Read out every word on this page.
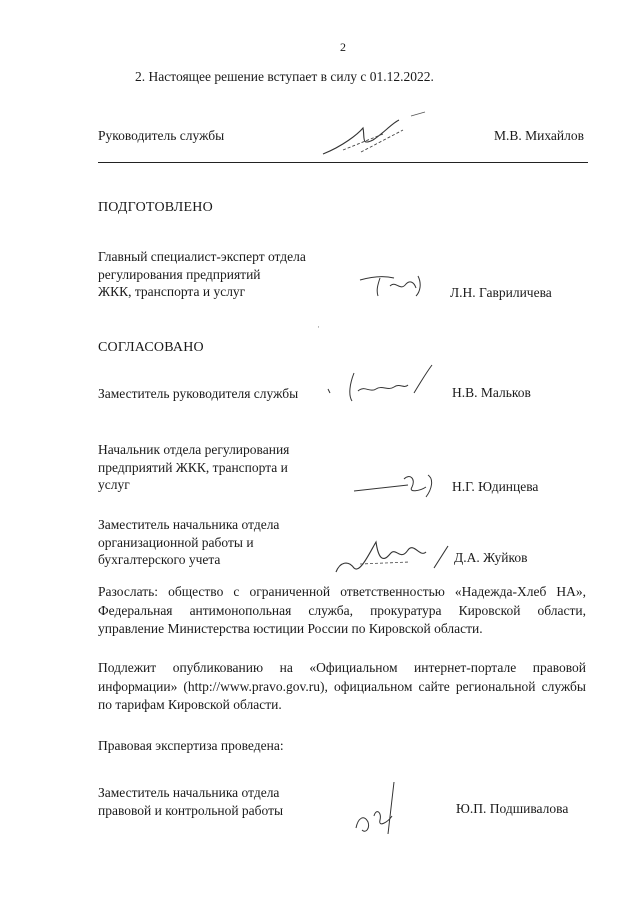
2
2. Настоящее решение вступает в силу с 01.12.2022.
Руководитель службы	М.В. Михайлов
ПОДГОТОВЛЕНО
Главный специалист-эксперт отдела
регулирования предприятий
ЖКК, транспорта и услуг	Л.Н. Гавриличева
·
СОГЛАСОВАНО
Заместитель руководителя службы	Н.В. Мальков
Начальник отдела регулирования
предприятий ЖКК, транспорта и
услуг	Н.Г. Юдинцева
Заместитель начальника отдела
организационной работы и
бухгалтерского учета	Д.А. Жуйков
Разослать: общество с ограниченной ответственностью «Надежда-Хлеб НА», Федеральная антимонопольная служба, прокуратура Кировской области, управление Министерства юстиции России по Кировской области.
Подлежит опубликованию на «Официальном интернет-портале правовой информации» (http://www.pravo.gov.ru), официальном сайте региональной службы по тарифам Кировской области.
Правовая экспертиза проведена:
Заместитель начальника отдела
правовой и контрольной работы	Ю.П. Подшивалова
